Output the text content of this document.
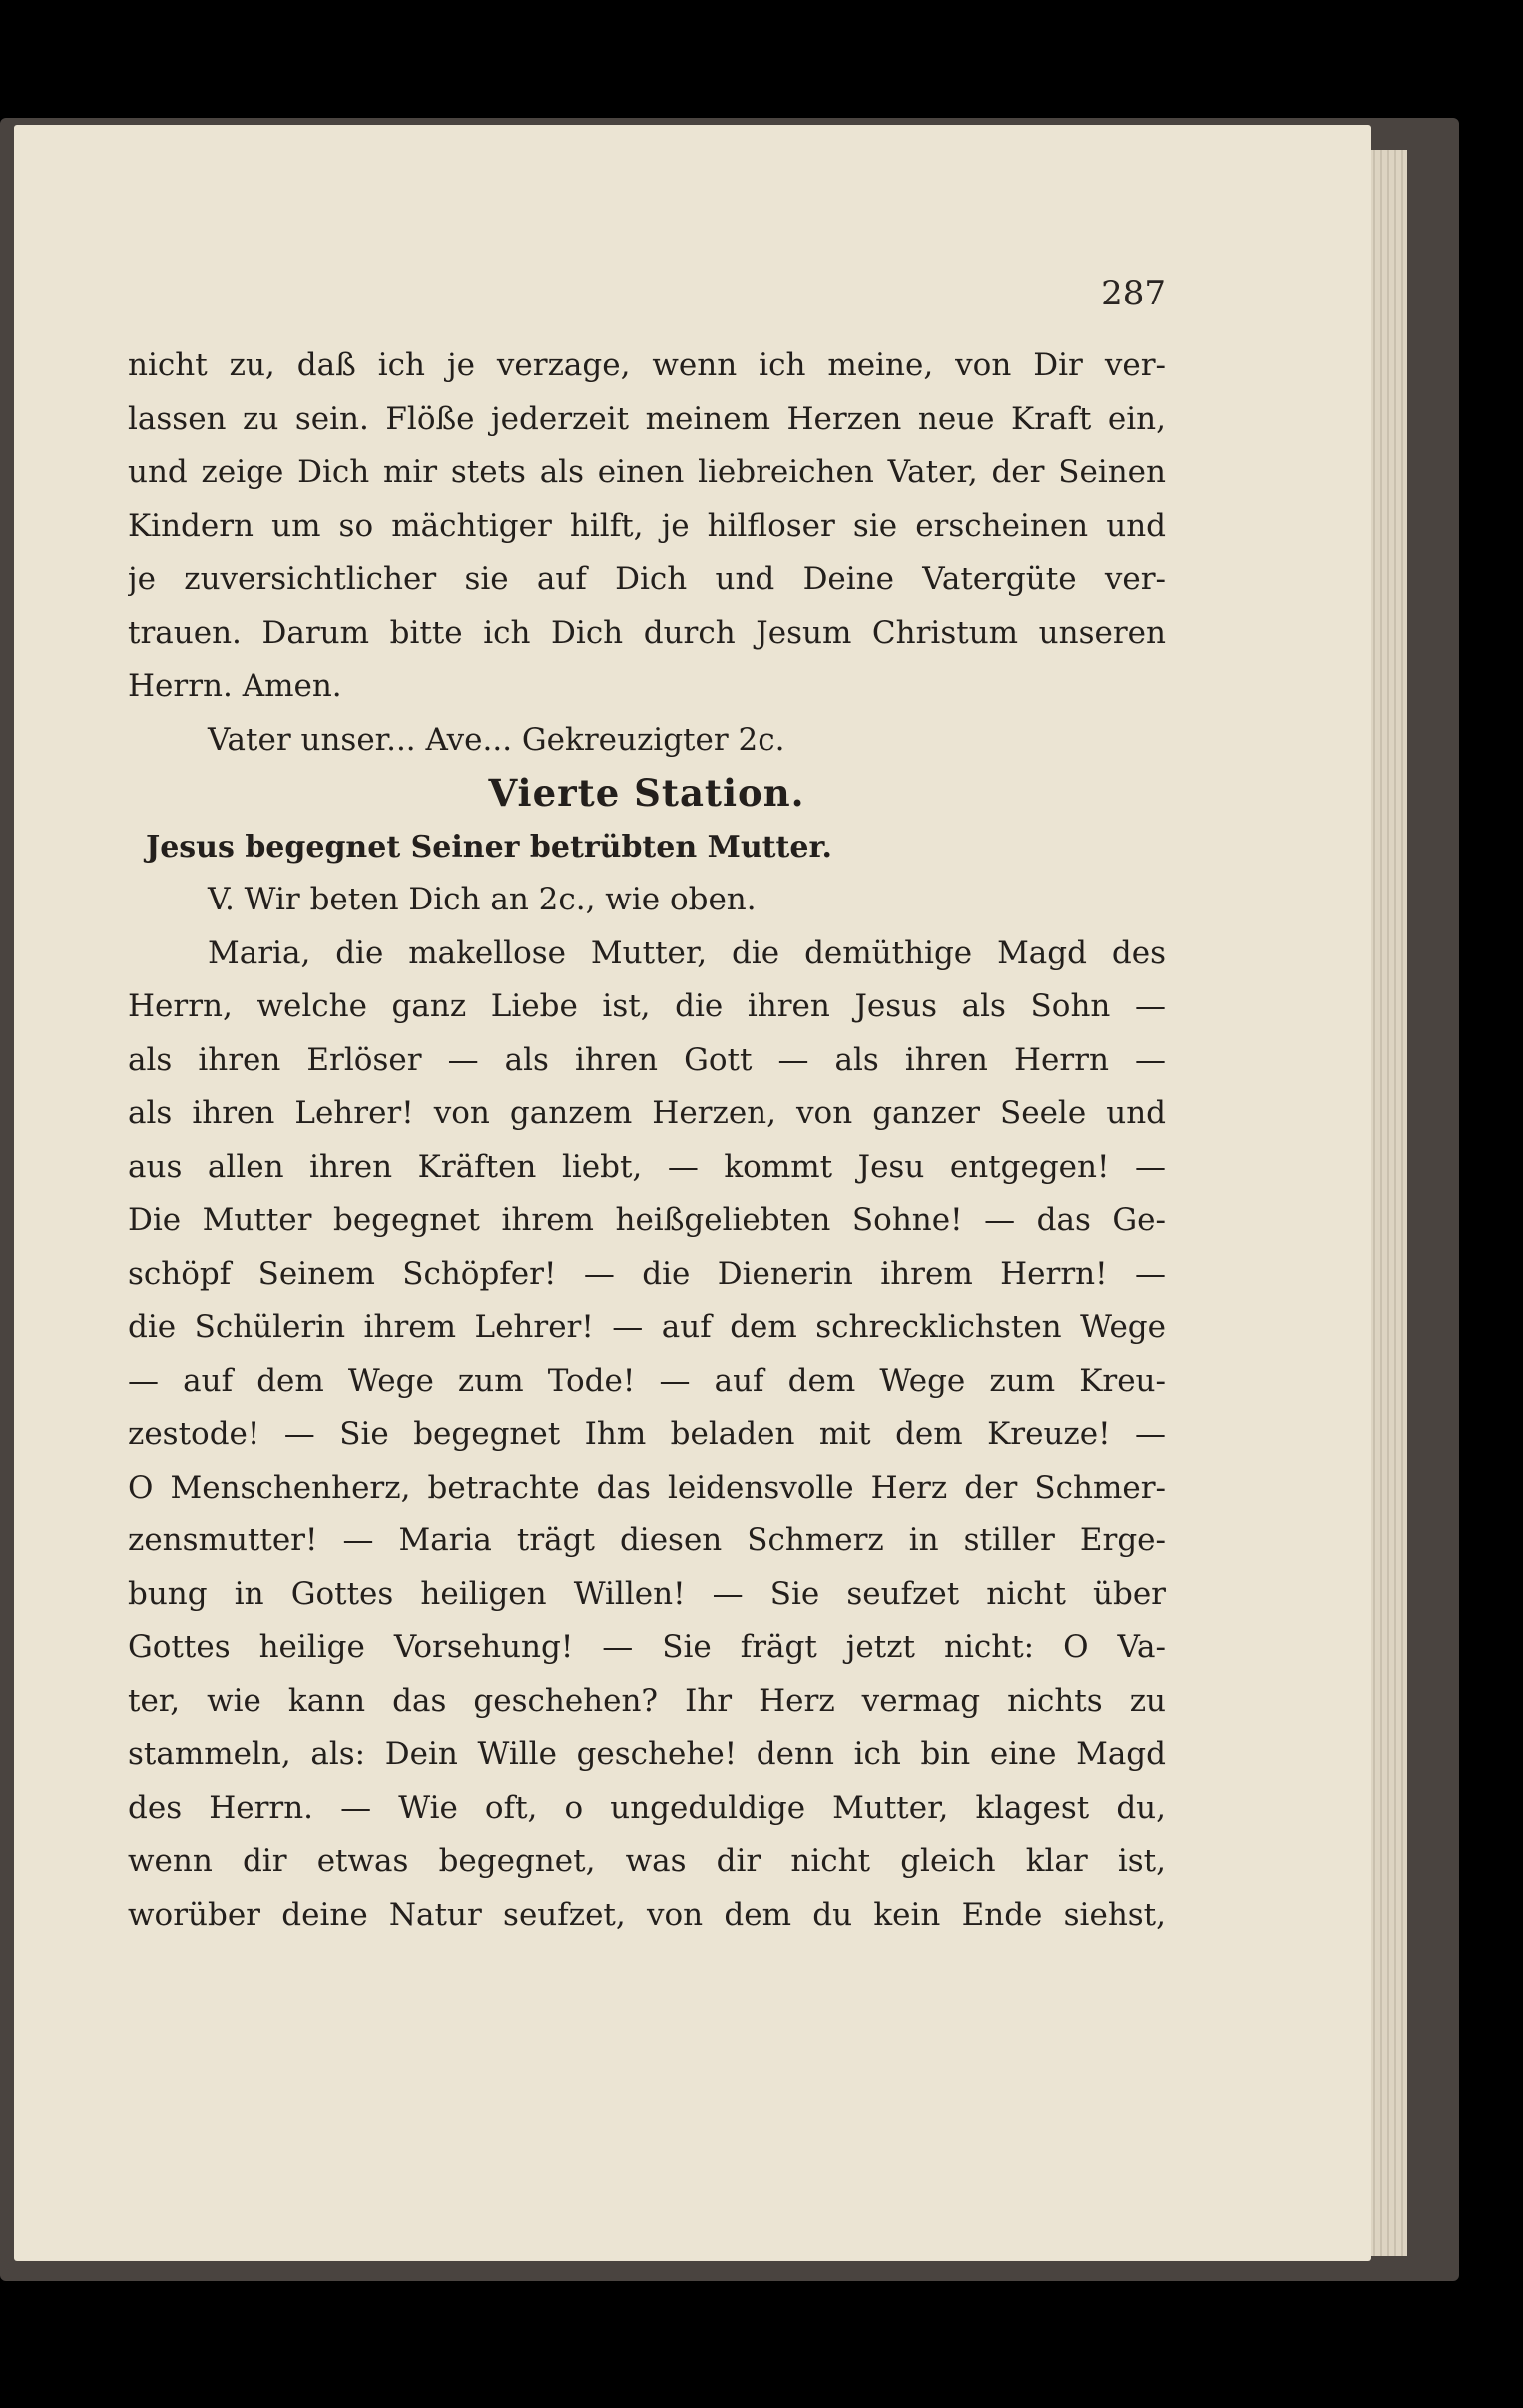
287
nicht zu, daß ich je verzage, wenn ich meine, von Dir ver-
lassen zu sein. Flöße jederzeit meinem Herzen neue Kraft ein,
und zeige Dich mir stets als einen liebreichen Vater, der Seinen
Kindern um so mächtiger hilft, je hilfloser sie erscheinen und
je zuversichtlicher sie auf Dich und Deine Vatergüte ver-
trauen. Darum bitte ich Dich durch Jesum Christum unseren
Herrn. Amen.
Vater unser... Ave... Gekreuzigter 2c.
Vierte Station.
Jesus begegnet Seiner betrübten Mutter.
V. Wir beten Dich an 2c., wie oben.
Maria, die makellose Mutter, die demüthige Magd des
Herrn, welche ganz Liebe ist, die ihren Jesus als Sohn —
als ihren Erlöser — als ihren Gott — als ihren Herrn —
als ihren Lehrer! von ganzem Herzen, von ganzer Seele und
aus allen ihren Kräften liebt, — kommt Jesu entgegen! —
Die Mutter begegnet ihrem heißgeliebten Sohne! — das Ge-
schöpf Seinem Schöpfer! — die Dienerin ihrem Herrn! —
die Schülerin ihrem Lehrer! — auf dem schrecklichsten Wege
— auf dem Wege zum Tode! — auf dem Wege zum Kreu-
zestode! — Sie begegnet Ihm beladen mit dem Kreuze! —
O Menschenherz, betrachte das leidensvolle Herz der Schmer-
zensmutter! — Maria trägt diesen Schmerz in stiller Erge-
bung in Gottes heiligen Willen! — Sie seufzet nicht über
Gottes heilige Vorsehung! — Sie frägt jetzt nicht: O Va-
ter, wie kann das geschehen? Ihr Herz vermag nichts zu
stammeln, als: Dein Wille geschehe! denn ich bin eine Magd
des Herrn. — Wie oft, o ungeduldige Mutter, klagest du,
wenn dir etwas begegnet, was dir nicht gleich klar ist,
worüber deine Natur seufzet, von dem du kein Ende siehst,
